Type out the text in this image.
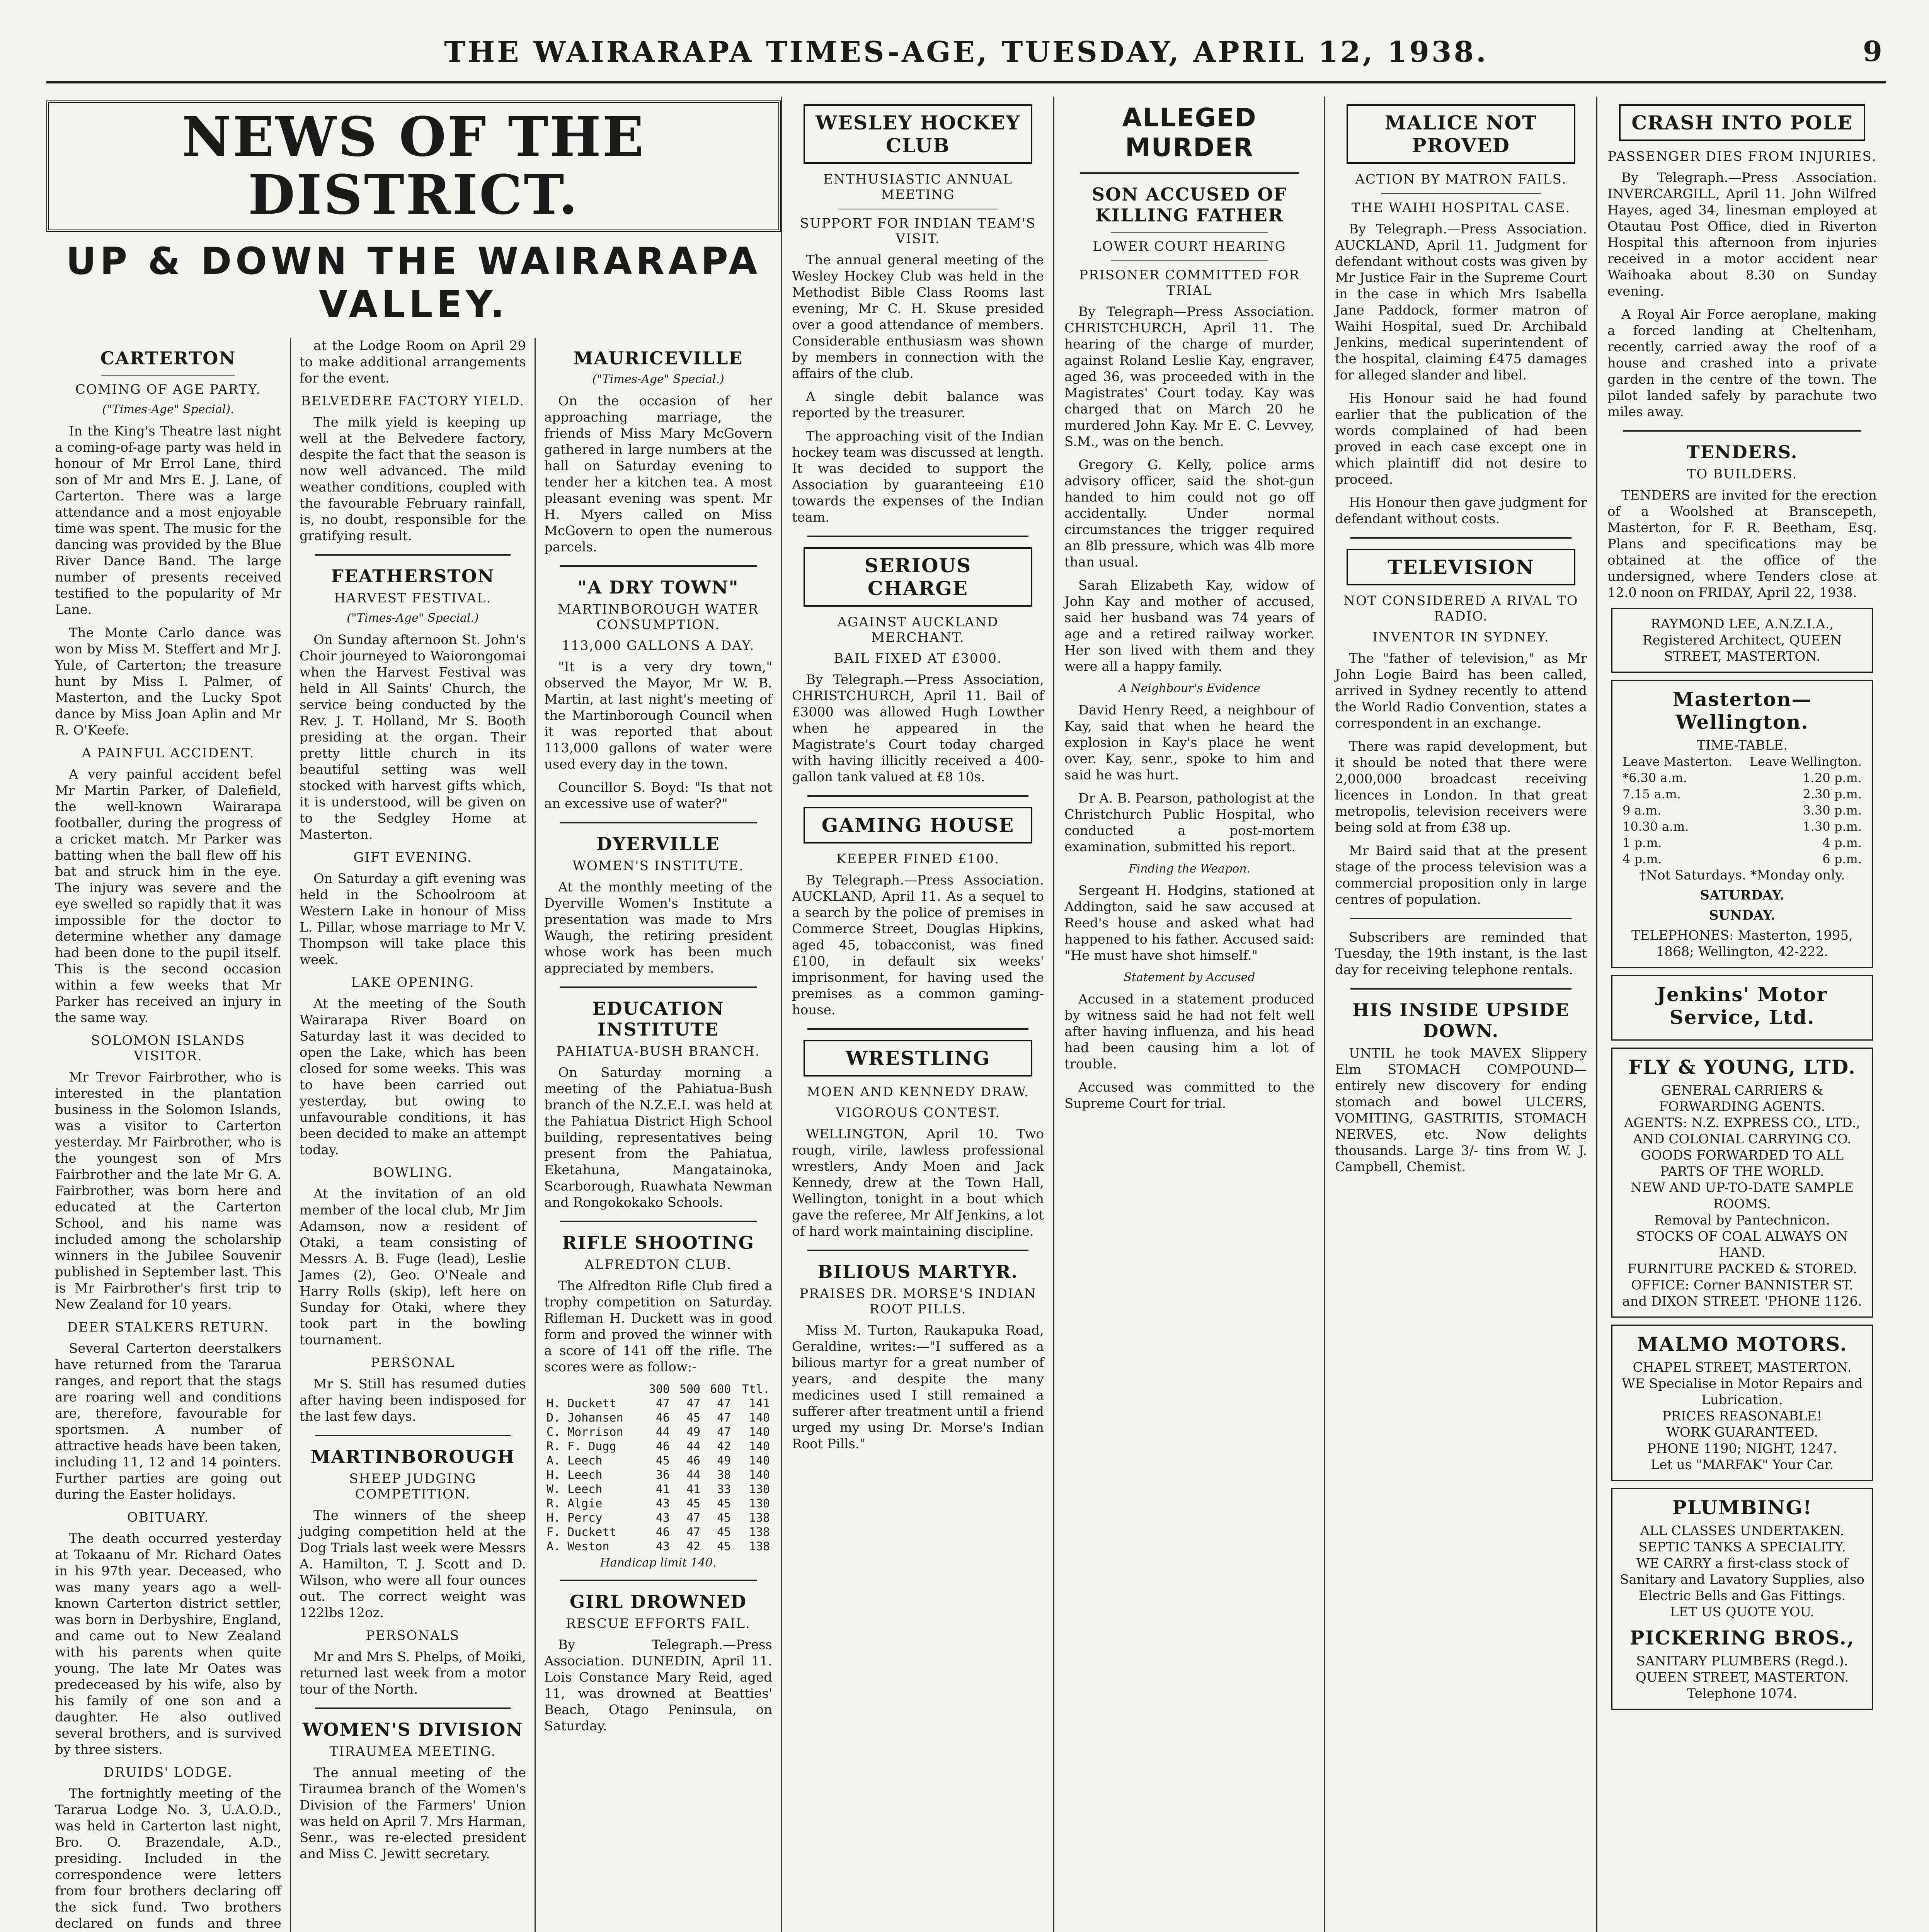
THE WAIRARAPA TIMES-AGE, TUESDAY, APRIL 12, 1938.	9
NEWS OF THE DISTRICT.
UP & DOWN THE WAIRARAPA VALLEY.
CARTERTON
COMING OF AGE PARTY.
("Times-Age" Special).

In the King's Theatre last night a coming-of-age party was held in honour of Mr Errol Lane, third son of Mr and Mrs E. J. Lane, of Carterton. There was a large attendance and a most enjoyable time was spent. The music for the dancing was provided by the Blue River Dance Band. The large number of presents received testified to the popularity of Mr Lane.

The Monte Carlo dance was won by Miss M. Steffert and Mr J. Yule, of Carterton; the treasure hunt by Miss I. Palmer, of Masterton, and the Lucky Spot dance by Miss Joan Aplin and Mr R. O'Keefe.

A PAINFUL ACCIDENT.

A very painful accident befel Mr Martin Parker, of Dalefield, the well-known Wairarapa footballer, during the progress of a cricket match. Mr Parker was batting when the ball flew off his bat and struck him in the eye. The injury was severe and the eye swelled so rapidly that it was impossible for the doctor to determine whether any damage had been done to the pupil itself. This is the second occasion within a few weeks that Mr Parker has received an injury in the same way.

SOLOMON ISLANDS VISITOR.

Mr Trevor Fairbrother, who is interested in the plantation business in the Solomon Islands, was a visitor to Carterton yesterday. Mr Fairbrother, who is the youngest son of Mrs Fairbrother and the late Mr G. A. Fairbrother, was born here and educated at the Carterton School, and his name was included among the scholarship winners in the Jubilee Souvenir published in September last. This is Mr Fairbrother's first trip to New Zealand for 10 years.

DEER STALKERS RETURN.

Several Carterton deerstalkers have returned from the Tararua ranges, and report that the stags are roaring well and conditions are, therefore, favourable for sportsmen. A number of attractive heads have been taken, including 11, 12 and 14 pointers. Further parties are going out during the Easter holidays.

OBITUARY.

The death occurred yesterday at Tokaanu of Mr. Richard Oates in his 97th year. Deceased, who was many years ago a well-known Carterton district settler, was born in Derbyshire, England, and came out to New Zealand with his parents when quite young. The late Mr Oates was predeceased by his wife, also by his family of one son and a daughter. He also outlived several brothers, and is survived by three sisters.

DRUIDS' LODGE.

The fortnightly meeting of the Tararua Lodge No. 3, U.A.O.D., was held in Carterton last night, Bro. O. Brazendale, A.D., presiding. Included in the correspondence were letters from four brothers declaring off the sick fund. Two brothers declared on funds and three

at the Lodge Room on April 29 to make additional arrangements for the event.

BELVEDERE FACTORY YIELD.

The milk yield is keeping up well at the Belvedere factory, despite the fact that the season is now well advanced. The mild weather conditions, coupled with the favourable February rainfall, is, no doubt, responsible for the gratifying result.

FEATHERSTON
HARVEST FESTIVAL.
("Times-Age" Special.)

On Sunday afternoon St. John's Choir journeyed to Waiorongomai when the Harvest Festival was held in All Saints' Church, the service being conducted by the Rev. J. T. Holland, Mr S. Booth presiding at the organ. Their pretty little church in its beautiful setting was well stocked with harvest gifts which, it is understood, will be given on to the Sedgley Home at Masterton.

GIFT EVENING.

On Saturday a gift evening was held in the Schoolroom at Western Lake in honour of Miss L. Pillar, whose marriage to Mr V. Thompson will take place this week.

LAKE OPENING.

At the meeting of the South Wairarapa River Board on Saturday last it was decided to open the Lake, which has been closed for some weeks. This was to have been carried out yesterday, but owing to unfavourable conditions, it has been decided to make an attempt today.

BOWLING.

At the invitation of an old member of the local club, Mr Jim Adamson, now a resident of Otaki, a team consisting of Messrs A. B. Fuge (lead), Leslie James (2), Geo. O'Neale and Harry Rolls (skip), left here on Sunday for Otaki, where they took part in the bowling tournament.

PERSONAL

Mr S. Still has resumed duties after having been indisposed for the last few days.

MARTINBOROUGH
SHEEP JUDGING COMPETITION.

The winners of the sheep judging competition held at the Dog Trials last week were Messrs A. Hamilton, T. J. Scott and D. Wilson, who were all four ounces out. The correct weight was 122lbs 12oz.

PERSONALS

Mr and Mrs S. Phelps, of Moiki, returned last week from a motor tour of the North.

WOMEN'S DIVISION
TIRAUMEA MEETING.

The annual meeting of the Tiraumea branch of the Women's Division of the Farmers' Union was held on April 7. Mrs Harman, Senr., was re-elected president and Miss C. Jewitt secretary.

MAURICEVILLE
("Times-Age" Special.)

On the occasion of her approaching marriage, the friends of Miss Mary McGovern gathered in large numbers at the hall on Saturday evening to tender her a kitchen tea. A most pleasant evening was spent. Mr H. Myers called on Miss McGovern to open the numerous parcels.

"A DRY TOWN"
MARTINBOROUGH WATER CONSUMPTION.
113,000 GALLONS A DAY.

"It is a very dry town," observed the Mayor, Mr W. B. Martin, at last night's meeting of the Martinborough Council when it was reported that about 113,000 gallons of water were used every day in the town.

Councillor S. Boyd: "Is that not an excessive use of water?"

DYERVILLE
WOMEN'S INSTITUTE.

At the monthly meeting of the Dyerville Women's Institute a presentation was made to Mrs Waugh, the retiring president whose work has been much appreciated by members.

EDUCATION INSTITUTE
PAHIATUA-BUSH BRANCH.

On Saturday morning a meeting of the Pahiatua-Bush branch of the N.Z.E.I. was held at the Pahiatua District High School building, representatives being present from the Pahiatua, Eketahuna, Mangatainoka, Scarborough, Ruawhata Newman and Rongokokako Schools.

RIFLE SHOOTING
ALFREDTON CLUB.

The Alfredton Rifle Club fired a trophy competition on Saturday. Rifleman H. Duckett was in good form and proved the winner with a score of 141 off the rifle. The scores were as follow:-

	300	500	600	Ttl.
H. Duckett	47	47	47	141
D. Johansen	46	45	47	140
C. Morrison	44	49	47	140
R. F. Dugg	46	44	42	140
A. Leech	45	46	49	140
H. Leech	36	44	38	140
W. Leech	41	41	33	130
R. Algie	43	45	45	130
H. Percy	43	47	45	138
F. Duckett	46	47	45	138
A. Weston	43	42	45	138
Handicap limit 140.
GIRL DROWNED
RESCUE EFFORTS FAIL.

By Telegraph.—Press Association. DUNEDIN, April 11. Lois Constance Mary Reid, aged 11, was drowned at Beatties' Beach, Otago Peninsula, on Saturday.

WESLEY HOCKEY CLUB
ENTHUSIASTIC ANNUAL MEETING
SUPPORT FOR INDIAN TEAM'S VISIT.

The annual general meeting of the Wesley Hockey Club was held in the Methodist Bible Class Rooms last evening, Mr C. H. Skuse presided over a good attendance of members. Considerable enthusiasm was shown by members in connection with the affairs of the club.

A single debit balance was reported by the treasurer.

The approaching visit of the Indian hockey team was discussed at length. It was decided to support the Association by guaranteeing £10 towards the expenses of the Indian team.

SERIOUS CHARGE
AGAINST AUCKLAND MERCHANT.
BAIL FIXED AT £3000.

By Telegraph.—Press Association, CHRISTCHURCH, April 11. Bail of £3000 was allowed Hugh Lowther when he appeared in the Magistrate's Court today charged with having illicitly received a 400-gallon tank valued at £8 10s.

GAMING HOUSE
KEEPER FINED £100.

By Telegraph.—Press Association. AUCKLAND, April 11. As a sequel to a search by the police of premises in Commerce Street, Douglas Hipkins, aged 45, tobacconist, was fined £100, in default six weeks' imprisonment, for having used the premises as a common gaming-house.

WRESTLING
MOEN AND KENNEDY DRAW.
VIGOROUS CONTEST.

WELLINGTON, April 10. Two rough, virile, lawless professional wrestlers, Andy Moen and Jack Kennedy, drew at the Town Hall, Wellington, tonight in a bout which gave the referee, Mr Alf Jenkins, a lot of hard work maintaining discipline.

BILIOUS MARTYR.
PRAISES DR. MORSE'S INDIAN ROOT PILLS.

Miss M. Turton, Raukapuka Road, Geraldine, writes:—"I suffered as a bilious martyr for a great number of years, and despite the many medicines used I still remained a sufferer after treatment until a friend urged my using Dr. Morse's Indian Root Pills."

ALLEGED MURDER
SON ACCUSED OF KILLING FATHER
LOWER COURT HEARING
PRISONER COMMITTED FOR TRIAL

By Telegraph—Press Association. CHRISTCHURCH, April 11. The hearing of the charge of murder, against Roland Leslie Kay, engraver, aged 36, was proceeded with in the Magistrates' Court today. Kay was charged that on March 20 he murdered John Kay. Mr E. C. Levvey, S.M., was on the bench.

Gregory G. Kelly, police arms advisory officer, said the shot-gun handed to him could not go off accidentally. Under normal circumstances the trigger required an 8lb pressure, which was 4lb more than usual.

Sarah Elizabeth Kay, widow of John Kay and mother of accused, said her husband was 74 years of age and a retired railway worker. Her son lived with them and they were all a happy family.

A Neighbour's Evidence

David Henry Reed, a neighbour of Kay, said that when he heard the explosion in Kay's place he went over. Kay, senr., spoke to him and said he was hurt.

Dr A. B. Pearson, pathologist at the Christchurch Public Hospital, who conducted a post-mortem examination, submitted his report.

Finding the Weapon.

Sergeant H. Hodgins, stationed at Addington, said he saw accused at Reed's house and asked what had happened to his father. Accused said: "He must have shot himself."

Statement by Accused

Accused in a statement produced by witness said he had not felt well after having influenza, and his head had been causing him a lot of trouble.

Accused was committed to the Supreme Court for trial.

MALICE NOT PROVED
ACTION BY MATRON FAILS.
THE WAIHI HOSPITAL CASE.

By Telegraph.—Press Association. AUCKLAND, April 11. Judgment for defendant without costs was given by Mr Justice Fair in the Supreme Court in the case in which Mrs Isabella Jane Paddock, former matron of Waihi Hospital, sued Dr. Archibald Jenkins, medical superintendent of the hospital, claiming £475 damages for alleged slander and libel.

His Honour said he had found earlier that the publication of the words complained of had been proved in each case except one in which plaintiff did not desire to proceed.

His Honour then gave judgment for defendant without costs.

TELEVISION
NOT CONSIDERED A RIVAL TO RADIO.
INVENTOR IN SYDNEY.

The "father of television," as Mr John Logie Baird has been called, arrived in Sydney recently to attend the World Radio Convention, states a correspondent in an exchange.

There was rapid development, but it should be noted that there were 2,000,000 broadcast receiving licences in London. In that great metropolis, television receivers were being sold at from £38 up.

Mr Baird said that at the present stage of the process television was a commercial proposition only in large centres of population.

Subscribers are reminded that Tuesday, the 19th instant, is the last day for receiving telephone rentals.

HIS INSIDE UPSIDE DOWN.

UNTIL he took MAVEX Slippery Elm STOMACH COMPOUND—entirely new discovery for ending stomach and bowel ULCERS, VOMITING, GASTRITIS, STOMACH NERVES, etc. Now delights thousands. Large 3/- tins from W. J. Campbell, Chemist.

CRASH INTO POLE
PASSENGER DIES FROM INJURIES.

By Telegraph.—Press Association. INVERCARGILL, April 11. John Wilfred Hayes, aged 34, linesman employed at Otautau Post Office, died in Riverton Hospital this afternoon from injuries received in a motor accident near Waihoaka about 8.30 on Sunday evening.

A Royal Air Force aeroplane, making a forced landing at Cheltenham, recently, carried away the roof of a house and crashed into a private garden in the centre of the town. The pilot landed safely by parachute two miles away.

TENDERS.
TO BUILDERS.

TENDERS are invited for the erection of a Woolshed at Branscepeth, Masterton, for F. R. Beetham, Esq. Plans and specifications may be obtained at the office of the undersigned, where Tenders close at 12.0 noon on FRIDAY, April 22, 1938.

RAYMOND LEE, A.N.Z.I.A., Registered Architect, QUEEN STREET, MASTERTON.
Masterton—Wellington.
TIME-TABLE.
Leave Masterton.	Leave Wellington.
*6.30 a.m.	1.20 p.m.
7.15 a.m.	2.30 p.m.
9 a.m.	3.30 p.m.
10.30 a.m.	1.30 p.m.
1 p.m.	4 p.m.
4 p.m.	6 p.m.
†Not Saturdays. *Monday only.
SATURDAY.
SUNDAY.
TELEPHONES: Masterton, 1995, 1868; Wellington, 42-222.
Jenkins' Motor Service, Ltd.
FLY & YOUNG, LTD.
GENERAL CARRIERS & FORWARDING AGENTS.
AGENTS: N.Z. EXPRESS CO., LTD., AND COLONIAL CARRYING CO.
GOODS FORWARDED TO ALL PARTS OF THE WORLD.
NEW AND UP-TO-DATE SAMPLE ROOMS.
Removal by Pantechnicon.
STOCKS OF COAL ALWAYS ON HAND.
FURNITURE PACKED & STORED.
OFFICE: Corner BANNISTER ST. and DIXON STREET. 'PHONE 1126.
MALMO MOTORS.
CHAPEL STREET, MASTERTON.
WE Specialise in Motor Repairs and Lubrication.
PRICES REASONABLE!
WORK GUARANTEED.
PHONE 1190; NIGHT, 1247.
Let us "MARFAK" Your Car.
PLUMBING!
ALL CLASSES UNDERTAKEN. SEPTIC TANKS A SPECIALITY.
WE CARRY a first-class stock of Sanitary and Lavatory Supplies, also Electric Bells and Gas Fittings.
LET US QUOTE YOU.
PICKERING BROS.,
SANITARY PLUMBERS (Regd.). QUEEN STREET, MASTERTON. Telephone 1074.
